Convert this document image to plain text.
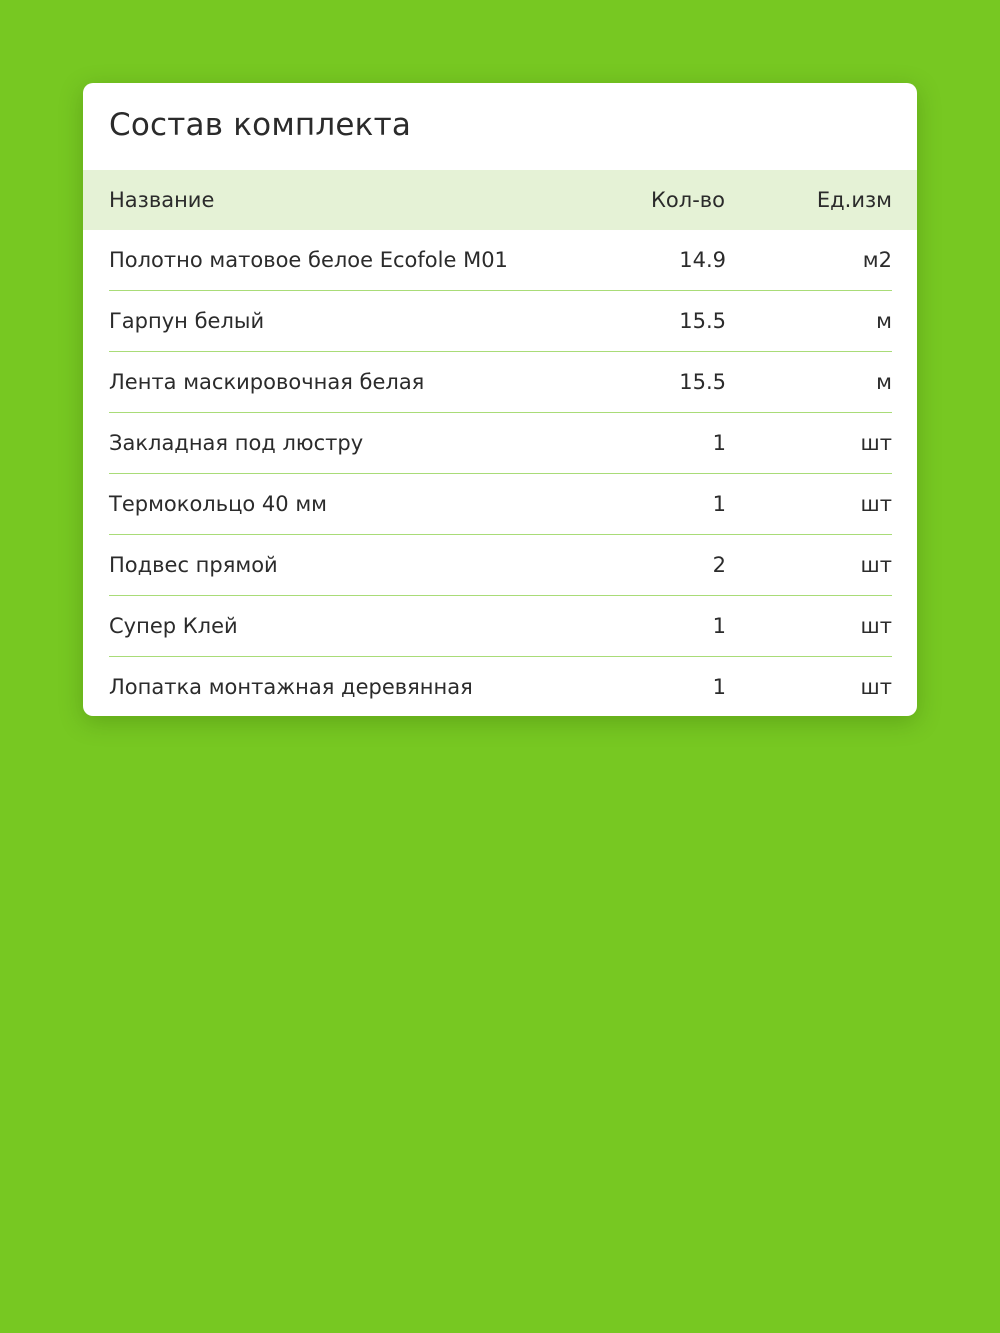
Состав комплекта
Название	Кол-во	Ед.изм
Полотно матовое белое Ecofole M01	14.9	м2
Гарпун белый	15.5	м
Лента маскировочная белая	15.5	м
Закладная под люстру	1	шт
Термокольцо 40 мм	1	шт
Подвес прямой	2	шт
Супер Клей	1	шт
Лопатка монтажная деревянная	1	шт
